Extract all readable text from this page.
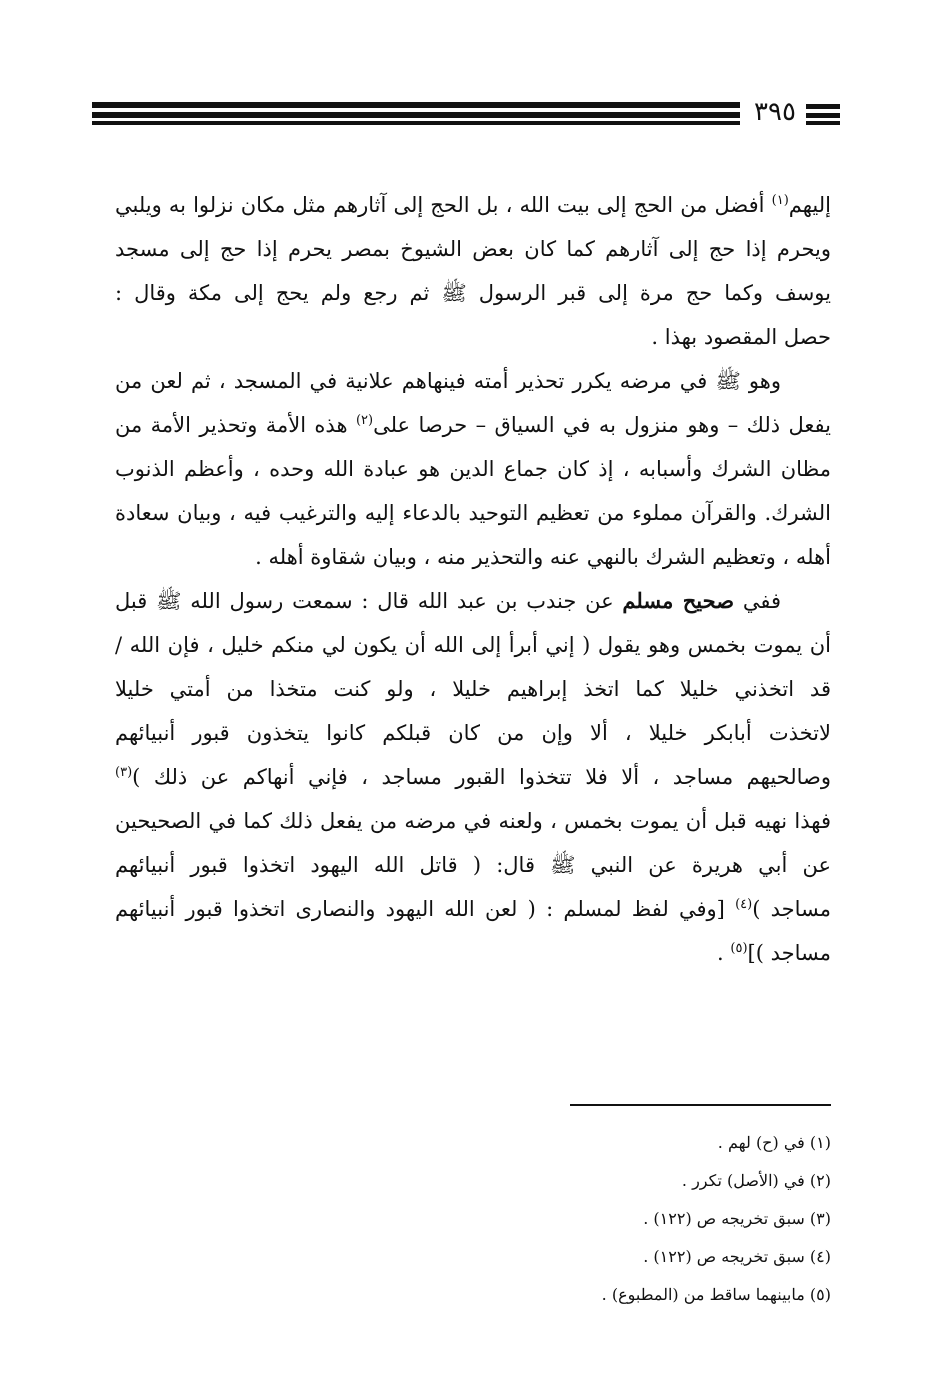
٣٩٥
إليهم$^{(١)}$ أفضل من الحج إلى بيت الله ، بل الحج إلى آثارهم مثل مكان نزلوا به ويلبي
ويحرم إذا حج إلى آثارهم كما كان بعض الشيوخ بمصر يحرم إذا حج إلى مسجد
يوسف وكما حج مرة إلى قبر الرسول ﷺ ثم رجع ولم يحج إلى مكة وقال :
حصل المقصود بهذا .
وهو ﷺ في مرضه يكرر تحذير أمته فينهاهم علانية في المسجد ، ثم لعن من
يفعل ذلك – وهو منزول به في السياق – حرصا على$^{(٢)}$ هذه الأمة وتحذير الأمة من
مظان الشرك وأسبابه ، إذ كان جماع الدين هو عبادة الله وحده ، وأعظم الذنوب
الشرك. والقرآن مملوء من تعظيم التوحيد بالدعاء إليه والترغيب فيه ، وبيان سعادة
أهله ، وتعظيم الشرك بالنهي عنه والتحذير منه ، وبيان شقاوة أهله .
ففي صحيح مسلم عن جندب بن عبد الله قال : سمعت رسول الله ﷺ قبل
أن يموت بخمس وهو يقول ( إني أبرأ إلى الله أن يكون لي منكم خليل ، فإن الله /
قد اتخذني خليلا كما اتخذ إبراهيم خليلا ، ولو كنت متخذا من أمتي خليلا
لاتخذت أبابكر خليلا ، ألا وإن من كان قبلكم كانوا يتخذون قبور أنبيائهم
وصالحيهم مساجد ، ألا فلا تتخذوا القبور مساجد ، فإني أنهاكم عن ذلك )$^{(٣)}$
فهذا نهيه قبل أن يموت بخمس ، ولعنه في مرضه من يفعل ذلك كما في الصحيحين
عن أبي هريرة عن النبي ﷺ قال: ( قاتل الله اليهود اتخذوا قبور أنبيائهم
مساجد )$^{(٤)}$ [وفي لفظ لمسلم : ( لعن الله اليهود والنصارى اتخذوا قبور أنبيائهم
مساجد )]$^{(٥)}$ .
(١) في (ح) لهم .
(٢) في (الأصل) تكرر .
(٣) سبق تخريجه ص (١٢٢) .
(٤) سبق تخريجه ص (١٢٢) .
(٥) مابينهما ساقط من (المطبوع) .
